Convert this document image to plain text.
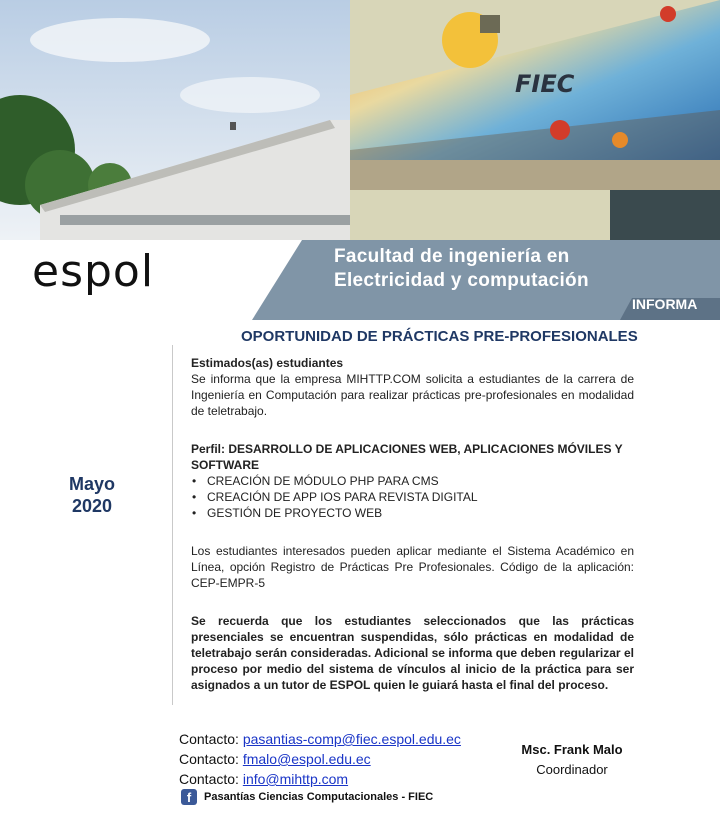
FIEC
espol	Facultad de ingeniería en
Electricidad y computación
INFORMA
OPORTUNIDAD DE PRÁCTICAS PRE-PROFESIONALES
Mayo
2020

Estimados(as) estudiantes

Se informa que la empresa MIHTTP.COM solicita a estudiantes de la carrera de Ingeniería en Computación para realizar prácticas pre-profesionales en modalidad de teletrabajo.

Perfil: DESARROLLO DE APLICACIONES WEB, APLICACIONES MÓVILES Y SOFTWARE

• CREACIÓN DE MÓDULO PHP PARA CMS
• CREACIÓN DE APP IOS PARA REVISTA DIGITAL
• GESTIÓN DE PROYECTO WEB

Los estudiantes interesados pueden aplicar mediante el Sistema Académico en Línea, opción Registro de Prácticas Pre Profesionales. Código de la aplicación: CEP-EMPR-5

Se recuerda que los estudiantes seleccionados que las prácticas presenciales se encuentran suspendidas, sólo prácticas en modalidad de teletrabajo serán consideradas. Adicional se informa que deben regularizar el proceso por medio del sistema de vínculos al inicio de la práctica para ser asignados a un tutor de ESPOL quien le guiará hasta el final del proceso.

Contacto: pasantias-comp@fiec.espol.edu.ec
Contacto: fmalo@espol.edu.ec
Contacto: info@mihttp.com
f	Pasantías Ciencias Computacionales - FIEC
Msc. Frank Malo
Coordinador
